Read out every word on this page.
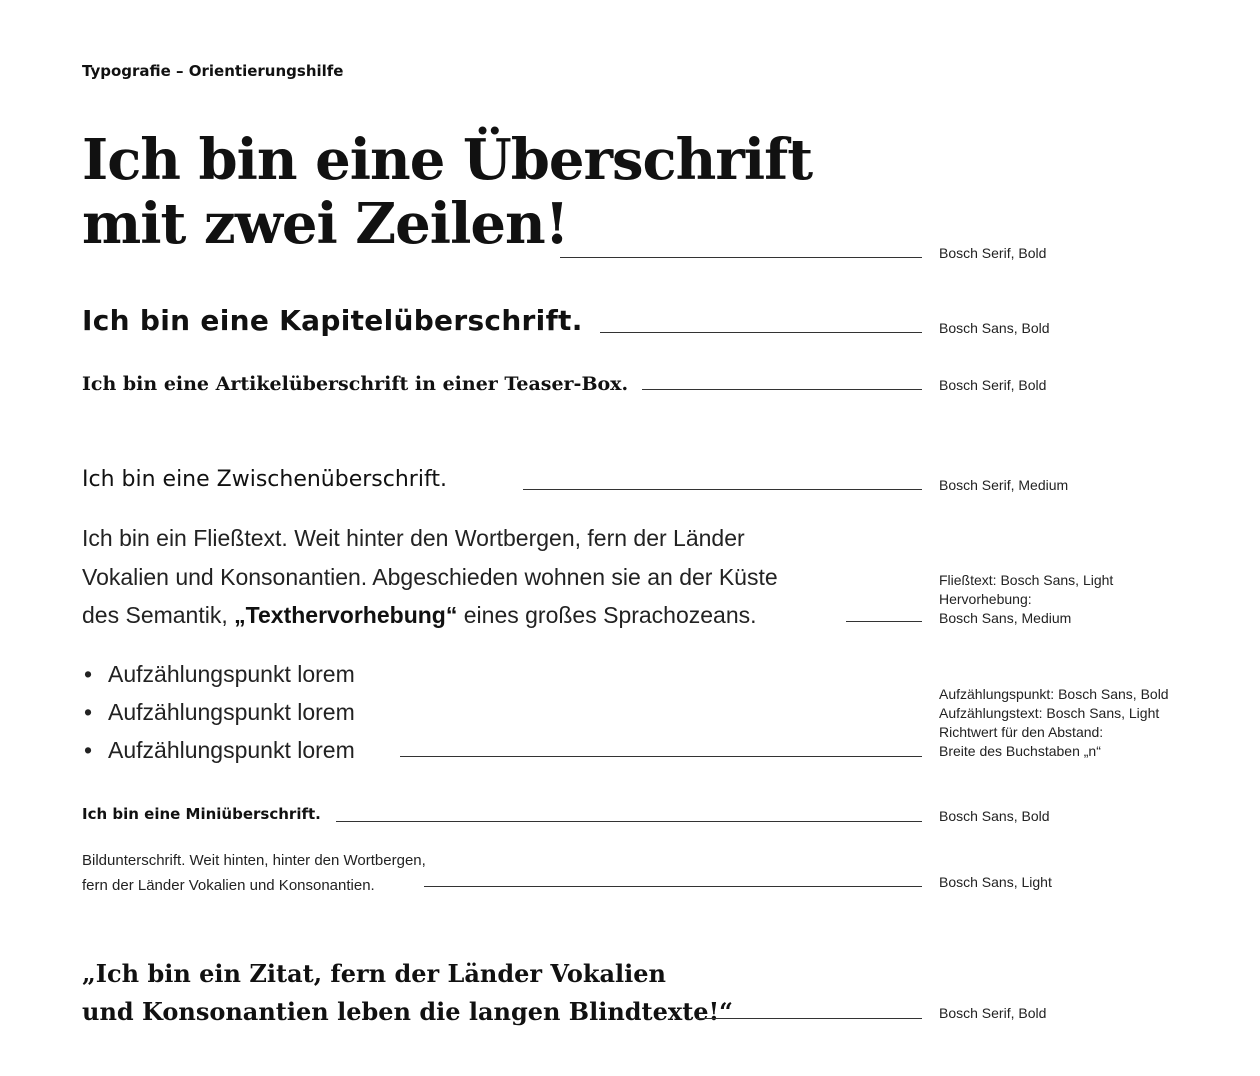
Typografie – Orientierungshilfe
Ich bin eine Überschrift
mit zwei Zeilen!	Bosch Serif, Bold
Ich bin eine Kapitelüberschrift.	Bosch Sans, Bold
Ich bin eine Artikelüberschrift in einer Teaser-Box.	Bosch Serif, Bold
Ich bin eine Zwischenüberschrift.	Bosch Serif, Medium
Ich bin ein Fließtext. Weit hinter den Wortbergen, fern der Länder
Vokalien und Konsonantien. Abgeschieden wohnen sie an der Küste
des Semantik, „Texthervorhebung“ eines großes Sprachozeans.
Fließtext: Bosch Sans, Light
Hervorhebung:
Bosch Sans, Medium
• Aufzählungspunkt lorem
• Aufzählungspunkt lorem
• Aufzählungspunkt lorem
Aufzählungspunkt: Bosch Sans, Bold
Aufzählungstext: Bosch Sans, Light
Richtwert für den Abstand:
Breite des Buchstaben „n“
Ich bin eine Miniüberschrift.	Bosch Sans, Bold
Bildunterschrift. Weit hinten, hinter den Wortbergen,
fern der Länder Vokalien und Konsonantien.	Bosch Sans, Light
„Ich bin ein Zitat, fern der Länder Vokalien
und Konsonantien leben die langen Blindtexte!“	Bosch Serif, Bold
